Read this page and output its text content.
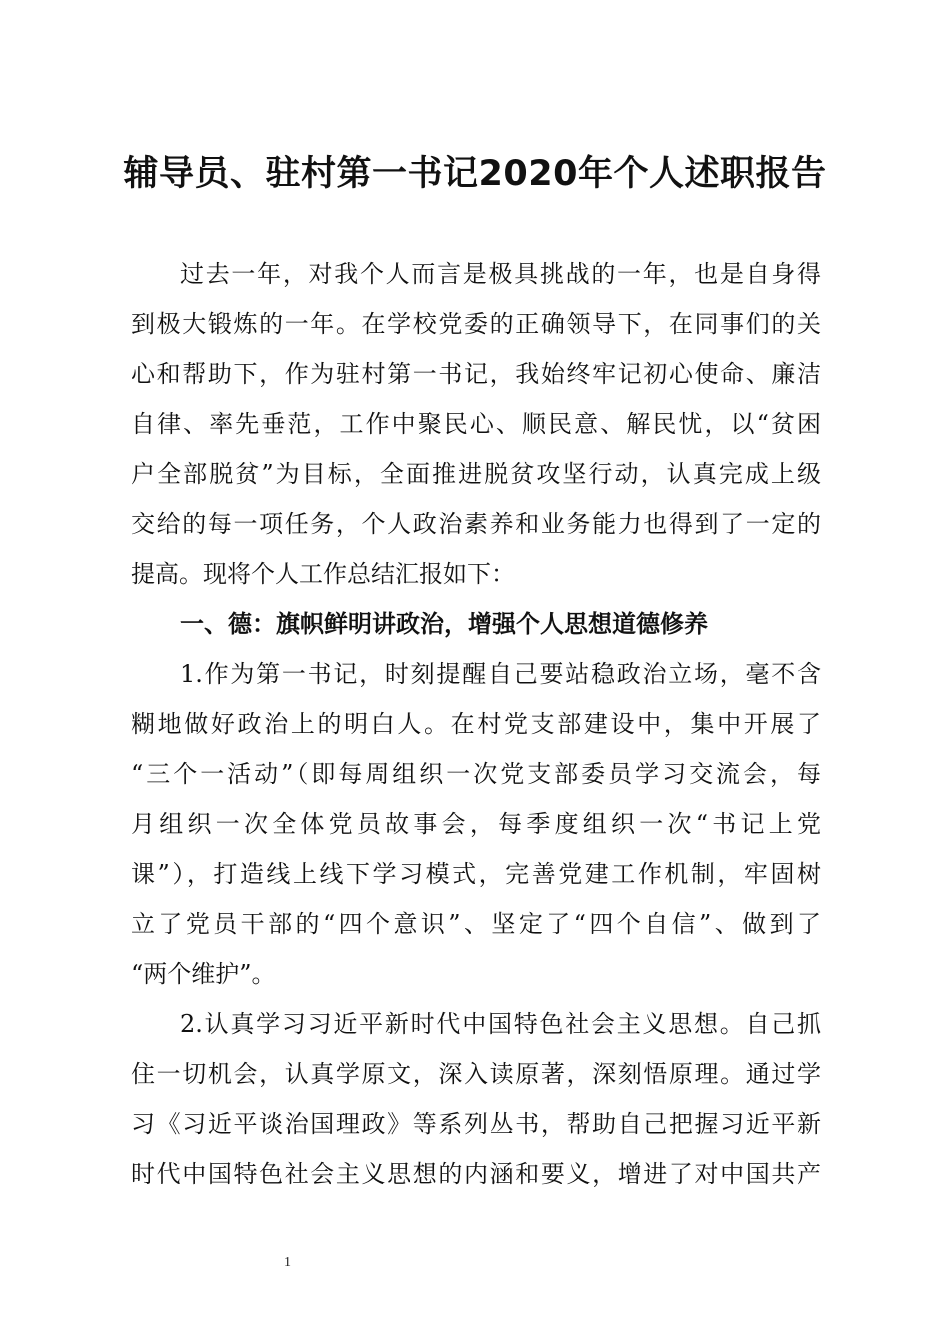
辅导员、驻村第一书记2020年个人述职报告
过去一年，对我个人而言是极具挑战的一年，也是自身得
到极大锻炼的一年。在学校党委的正确领导下，在同事们的关
心和帮助下，作为驻村第一书记，我始终牢记初心使命、廉洁
自律、率先垂范，工作中聚民心、顺民意、解民忧，以“贫困
户全部脱贫”为目标，全面推进脱贫攻坚行动，认真完成上级
交给的每一项任务，个人政治素养和业务能力也得到了一定的
提高。现将个人工作总结汇报如下：
一、德：旗帜鲜明讲政治，增强个人思想道德修养
1.作为第一书记，时刻提醒自己要站稳政治立场，毫不含
糊地做好政治上的明白人。在村党支部建设中，集中开展了
“三个一活动”（即每周组织一次党支部委员学习交流会，每
月组织一次全体党员故事会，每季度组织一次“书记上党
课”），打造线上线下学习模式，完善党建工作机制，牢固树
立了党员干部的“四个意识”、坚定了“四个自信”、做到了
“两个维护”。
2.认真学习习近平新时代中国特色社会主义思想。自己抓
住一切机会，认真学原文，深入读原著，深刻悟原理。通过学
习《习近平谈治国理政》等系列丛书，帮助自己把握习近平新
时代中国特色社会主义思想的内涵和要义，增进了对中国共产
1
